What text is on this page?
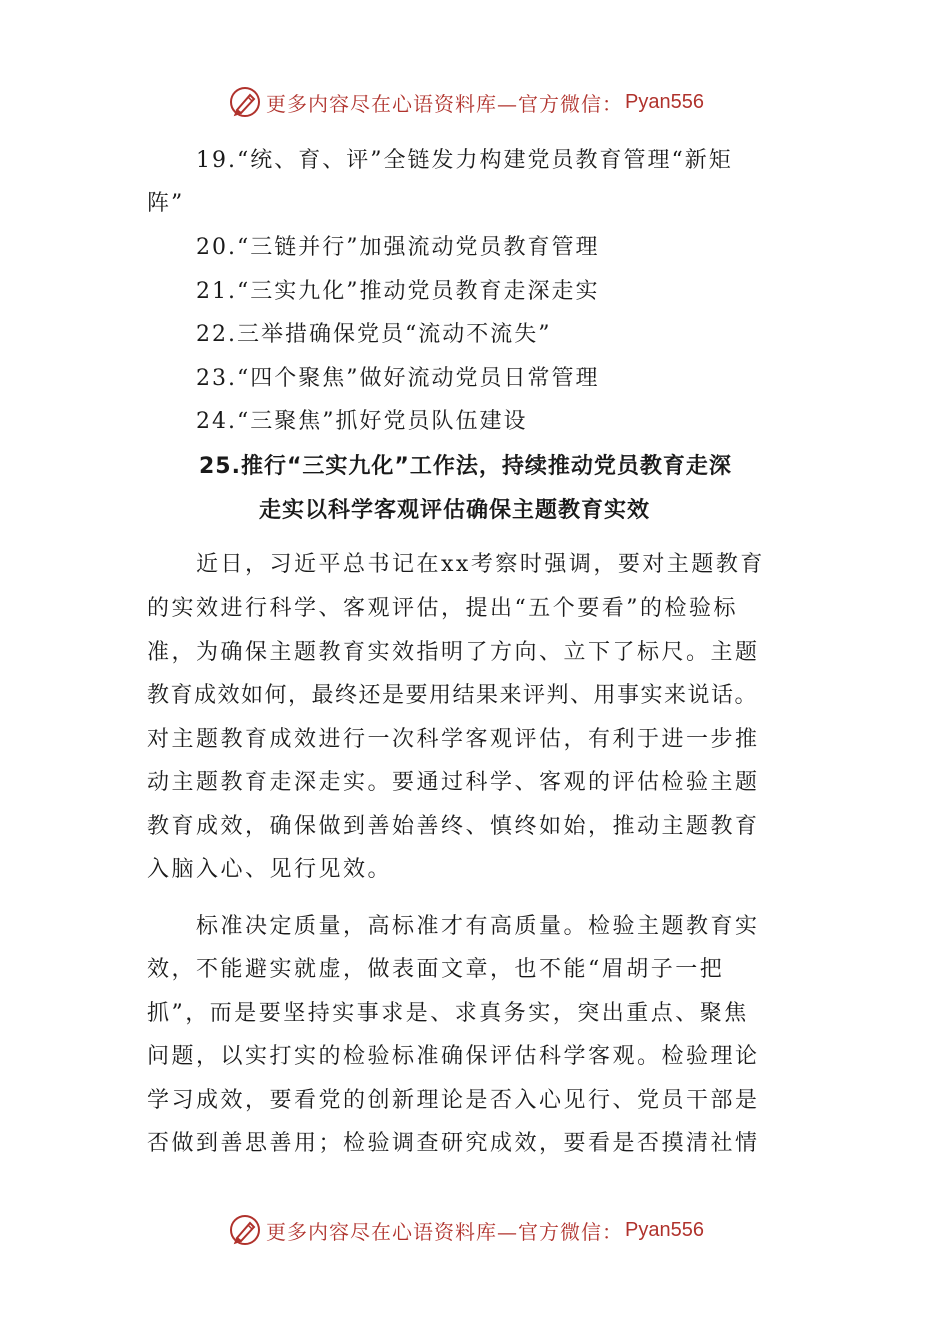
更多内容尽在心语资料库—官方微信： Pyan556
19.“统、育、评”全链发力构建党员教育管理“新矩
阵”
20.“三链并行”加强流动党员教育管理
21.“三实九化”推动党员教育走深走实
22.三举措确保党员“流动不流失”
23.“四个聚焦”做好流动党员日常管理
24.“三聚焦”抓好党员队伍建设
25.推行“三实九化”工作法，持续推动党员教育走深
走实以科学客观评估确保主题教育实效
近日，习近平总书记在xx考察时强调，要对主题教育
的实效进行科学、客观评估，提出“五个要看”的检验标
准，为确保主题教育实效指明了方向、立下了标尺。主题
教育成效如何，最终还是要用结果来评判、用事实来说话。
对主题教育成效进行一次科学客观评估，有利于进一步推
动主题教育走深走实。要通过科学、客观的评估检验主题
教育成效，确保做到善始善终、慎终如始，推动主题教育
入脑入心、见行见效。
标准决定质量，高标准才有高质量。检验主题教育实
效，不能避实就虚，做表面文章，也不能“眉胡子一把
抓”，而是要坚持实事求是、求真务实，突出重点、聚焦
问题，以实打实的检验标准确保评估科学客观。检验理论
学习成效，要看党的创新理论是否入心见行、党员干部是
否做到善思善用；检验调查研究成效，要看是否摸清社情
更多内容尽在心语资料库—官方微信： Pyan556
